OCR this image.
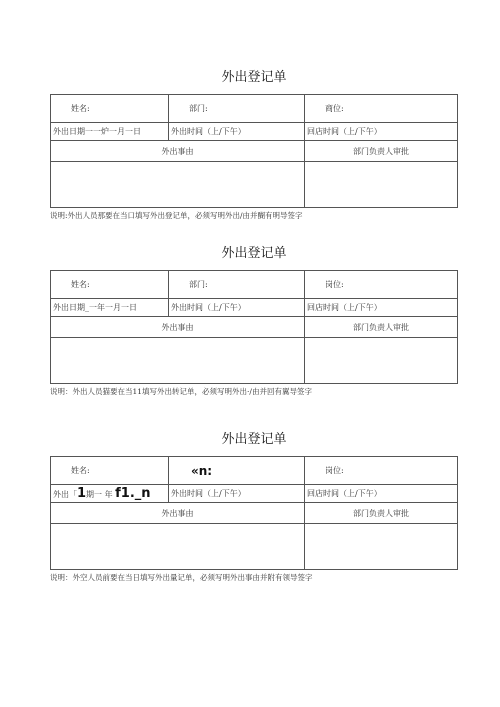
外出登记单
姓名:	部门:	商位:
外出日期一一炉一月一日	外出时间（上/下午）	回店时间（上/下午）
外出事由		部门负责人审批

说明:外出人员那要在当口填写外出登记单，必须写明外出/由并醐有明导签字
外出登记单
姓名:	部门:	岗位:
外出日期_一年一月一日	外出时间（上/下午）	回店时间（上/下午）
外出事由		部门负责人审批

说明：外出人员猫要在当11填写外出转记单，必须写明外出·/由并回有翼导签字
外出登记单
姓名:	«n:	岗位:
外出「1期一 年 f1._n	外出时间（上/下午）	回店时间（上/下午）
外出事由		部门负责人审批

说明：外空人员前要在当日填写外出量记单，必须写明外出事由并附有领导签字
